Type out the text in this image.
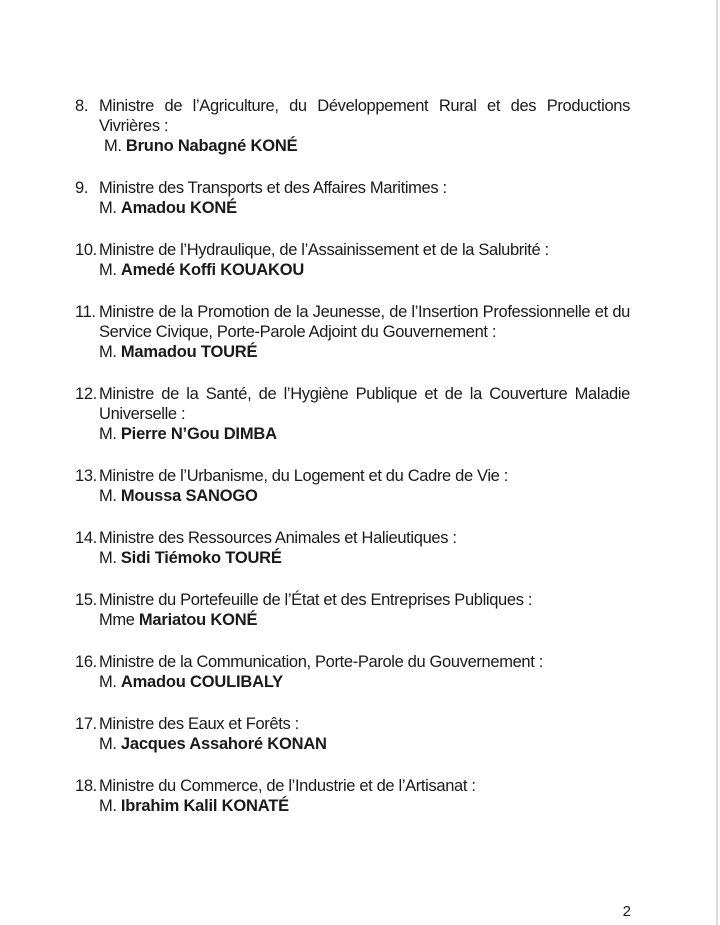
8. Ministre de l’Agriculture, du Développement Rural et des Productions Vivrières :
M. Bruno Nabagné KONÉ
9. Ministre des Transports et des Affaires Maritimes :
M. Amadou KONÉ
10. Ministre de l’Hydraulique, de l’Assainissement et de la Salubrité :
M. Amedé Koffi KOUAKOU
11. Ministre de la Promotion de la Jeunesse, de l’Insertion Professionnelle et du Service Civique, Porte-Parole Adjoint du Gouvernement :
M. Mamadou TOURÉ
12. Ministre de la Santé, de l’Hygiène Publique et de la Couverture Maladie Universelle :
M. Pierre N’Gou DIMBA
13. Ministre de l’Urbanisme, du Logement et du Cadre de Vie :
M. Moussa SANOGO
14. Ministre des Ressources Animales et Halieutiques :
M. Sidi Tiémoko TOURÉ
15. Ministre du Portefeuille de l’État et des Entreprises Publiques :
Mme Mariatou KONÉ
16. Ministre de la Communication, Porte-Parole du Gouvernement :
M. Amadou COULIBALY
17. Ministre des Eaux et Forêts :
M. Jacques Assahoré KONAN
18. Ministre du Commerce, de l’Industrie et de l’Artisanat :
M. Ibrahim Kalil KONATÉ
2
